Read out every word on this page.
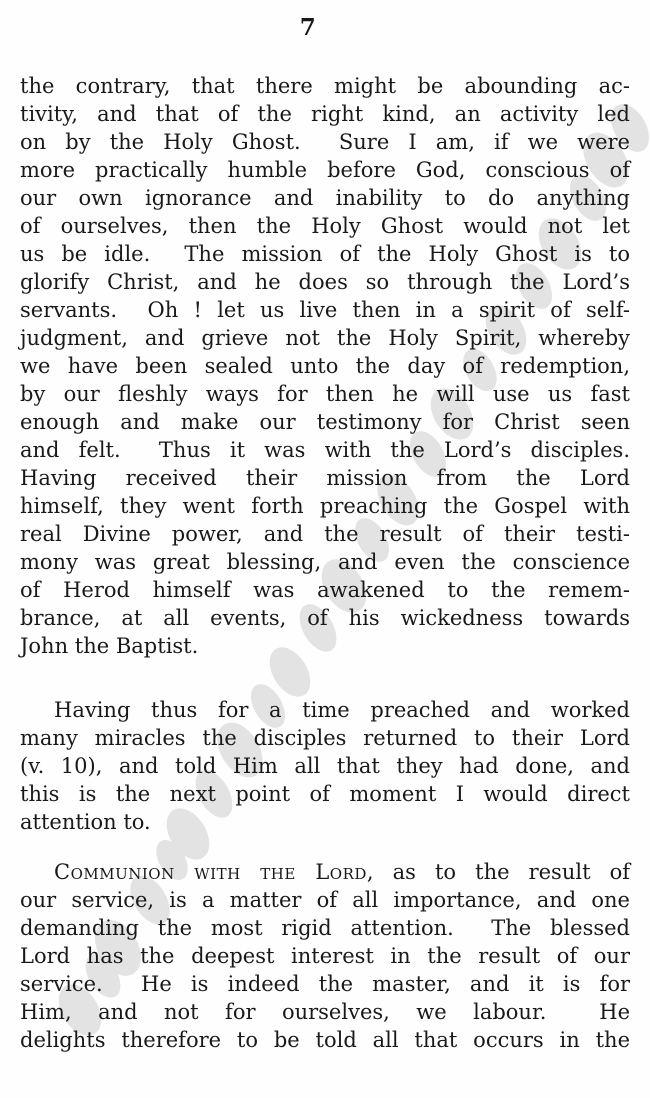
7
the contrary, that there might be abounding ac-
tivity, and that of the right kind, an activity led
on by the Holy Ghost.  Sure I am, if we were
more practically humble before God, conscious of
our own ignorance and inability to do anything
of ourselves, then the Holy Ghost would not let
us be idle.  The mission of the Holy Ghost is to
glorify Christ, and he does so through the Lord’s
servants.  Oh ! let us live then in a spirit of self-
judgment, and grieve not the Holy Spirit, whereby
we have been sealed unto the day of redemption,
by our fleshly ways for then he will use us fast
enough and make our testimony for Christ seen
and felt.  Thus it was with the Lord’s disciples.
Having received their mission from the Lord
himself, they went forth preaching the Gospel with
real Divine power, and the result of their testi-
mony was great blessing, and even the conscience
of Herod himself was awakened to the remem-
brance, at all events, of his wickedness towards
John the Baptist.
Having thus for a time preached and worked
many miracles the disciples returned to their Lord
(v. 10), and told Him all that they had done, and
this is the next point of moment I would direct
attention to.
Communion with the Lord, as to the result of
our service, is a matter of all importance, and one
demanding the most rigid attention.  The blessed
Lord has the deepest interest in the result of our
service.  He is indeed the master, and it is for
Him, and not for ourselves, we labour.  He
delights therefore to be told all that occurs in the
